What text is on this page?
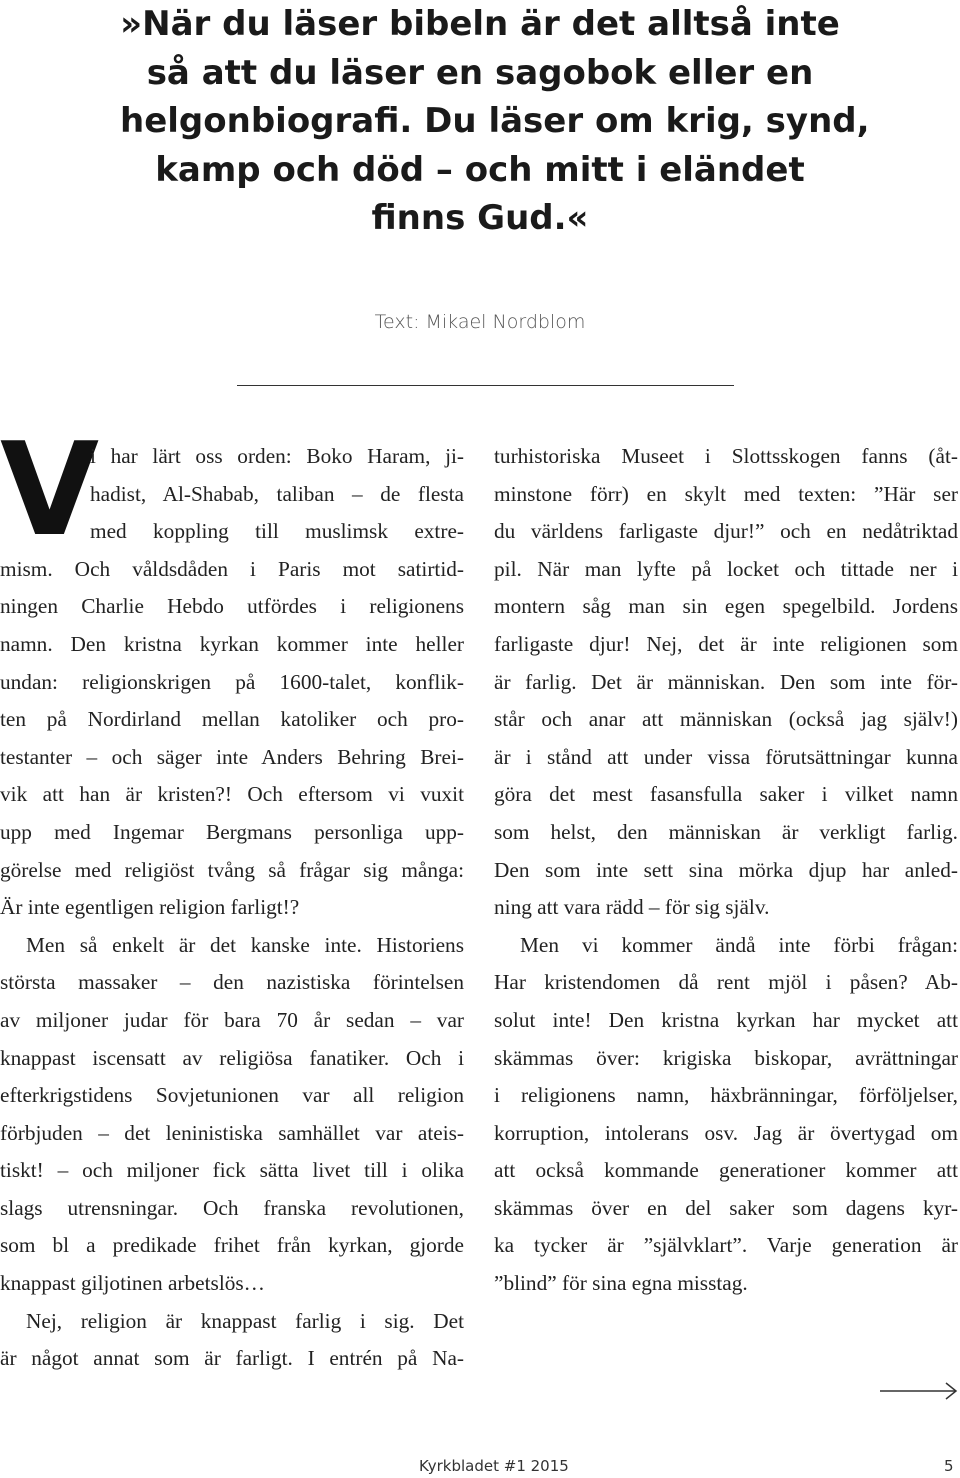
»När du läser bibeln är det alltså inte
så att du läser en sagobok eller en
helgonbiografi. Du läser om krig, synd,
kamp och död – och mitt i eländet
finns Gud.«
Text: Mikael Nordblom
V
i har lärt oss orden: Boko Haram, ji-
hadist, Al-Shabab, taliban – de flesta
med koppling till muslimsk extre-
mism. Och våldsdåden i Paris mot satirtid-
ningen Charlie Hebdo utfördes i religionens
namn. Den kristna kyrkan kommer inte heller
undan: religionskrigen på 1600-talet, konflik-
ten på Nordirland mellan katoliker och pro-
testanter – och säger inte Anders Behring Brei-
vik att han är kristen?! Och eftersom vi vuxit
upp med Ingemar Bergmans personliga upp-
görelse med religiöst tvång så frågar sig många:
Är inte egentligen religion farligt!?
Men så enkelt är det kanske inte. Historiens
största massaker – den nazistiska förintelsen
av miljoner judar för bara 70 år sedan – var
knappast iscensatt av religiösa fanatiker. Och i
efterkrigstidens Sovjetunionen var all religion
förbjuden – det leninistiska samhället var ateis-
tiskt! – och miljoner fick sätta livet till i olika
slags utrensningar. Och franska revolutionen,
som bl a predikade frihet från kyrkan, gjorde
knappast giljotinen arbetslös…
Nej, religion är knappast farlig i sig. Det
är något annat som är farligt. I entrén på Na-
turhistoriska Museet i Slottsskogen fanns (åt-
minstone förr) en skylt med texten: ”Här ser
du världens farligaste djur!” och en nedåtriktad
pil. När man lyfte på locket och tittade ner i
montern såg man sin egen spegelbild. Jordens
farligaste djur! Nej, det är inte religionen som
är farlig. Det är människan. Den som inte för-
står och anar att människan (också jag själv!)
är i stånd att under vissa förutsättningar kunna
göra det mest fasansfulla saker i vilket namn
som helst, den människan är verkligt farlig.
Den som inte sett sina mörka djup har anled-
ning att vara rädd – för sig själv.
Men vi kommer ändå inte förbi frågan:
Har kristendomen då rent mjöl i påsen? Ab-
solut inte! Den kristna kyrkan har mycket att
skämmas över: krigiska biskopar, avrättningar
i religionens namn, häxbränningar, förföljelser,
korruption, intolerans osv. Jag är övertygad om
att också kommande generationer kommer att
skämmas över en del saker som dagens kyr-
ka tycker är ”självklart”. Varje generation är
”blind” för sina egna misstag.
Kyrkbladet #1 2015	5
